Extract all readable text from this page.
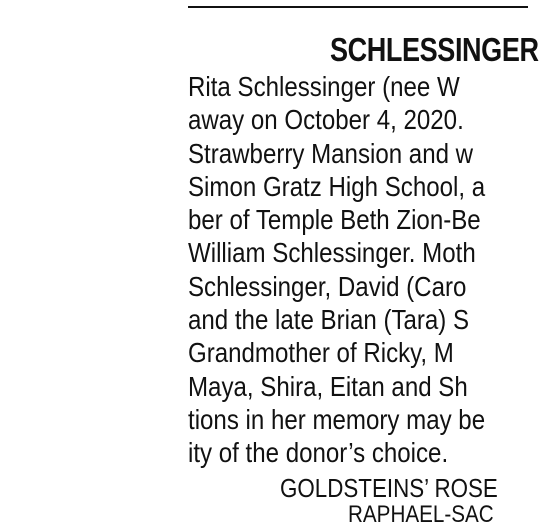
SCHLESSINGER
Rita Schlessinger (nee W
away on October 4, 2020.
Strawberry Mansion and w
Simon Gratz High School, a
ber of Temple Beth Zion-Be
William Schlessinger. Moth
Schlessinger, David (Caro
and the late Brian (Tara) S
Grandmother of Ricky, M
Maya, Shira, Eitan and Sh
tions in her memory may be
ity of the donor’s choice.
GOLDSTEINS’ ROSE
RAPHAEL-SAC
